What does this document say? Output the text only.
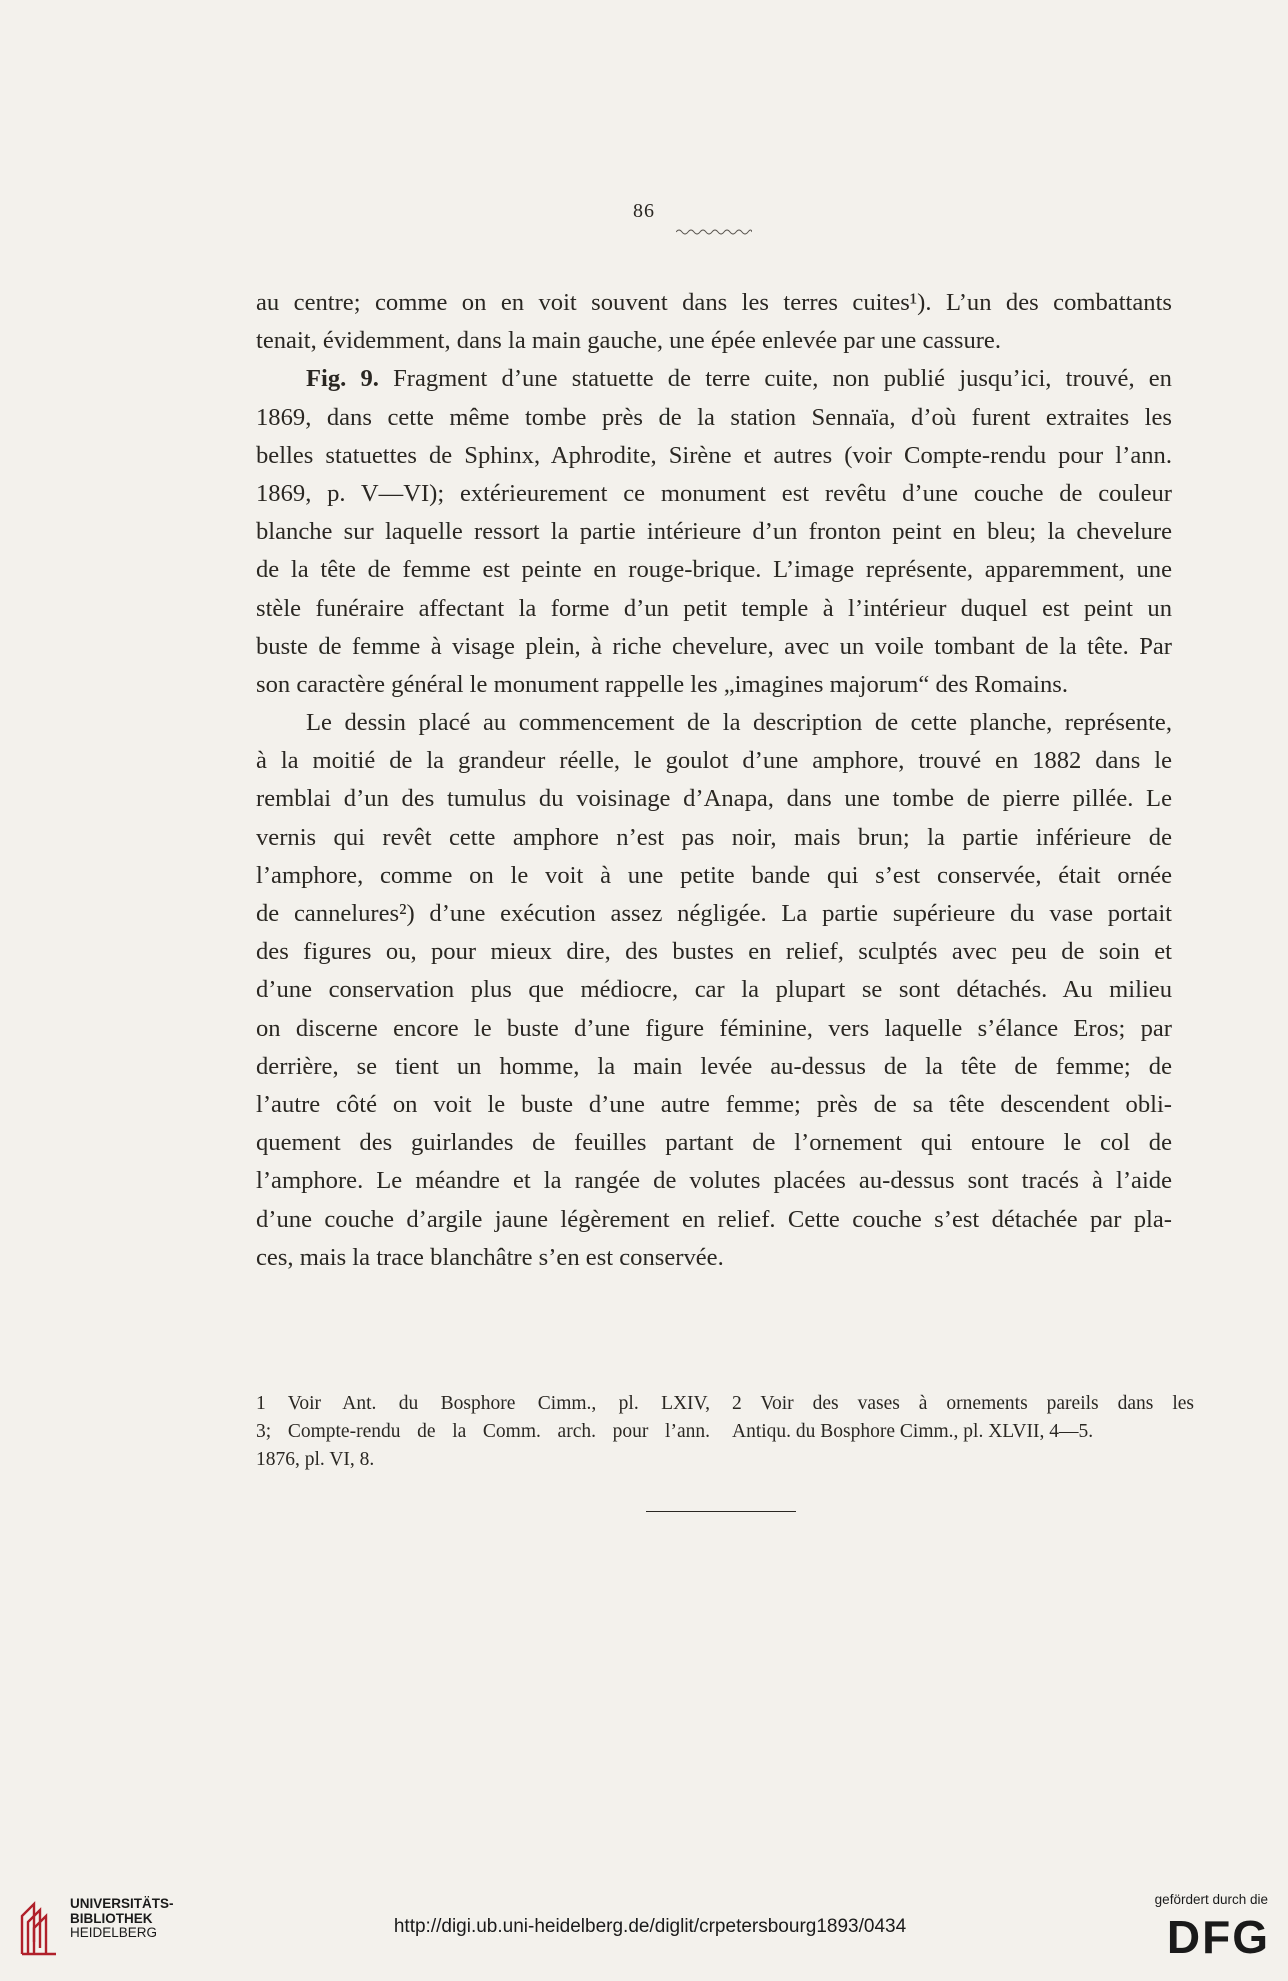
86
au centre; comme on en voit souvent dans les terres cuites¹). L’un des combattants
tenait, évidemment, dans la main gauche, une épée enlevée par une cassure.
Fig. 9. Fragment d’une statuette de terre cuite, non publié jusqu’ici, trouvé, en
1869, dans cette même tombe près de la station Sennaïa, d’où furent extraites les
belles statuettes de Sphinx, Aphrodite, Sirène et autres (voir Compte-rendu pour l’ann.
1869, p. V—VI); extérieurement ce monument est revêtu d’une couche de couleur
blanche sur laquelle ressort la partie intérieure d’un fronton peint en bleu; la chevelure
de la tête de femme est peinte en rouge-brique. L’image représente, apparemment, une
stèle funéraire affectant la forme d’un petit temple à l’intérieur duquel est peint un
buste de femme à visage plein, à riche chevelure, avec un voile tombant de la tête. Par
son caractère général le monument rappelle les „imagines majorum“ des Romains.
Le dessin placé au commencement de la description de cette planche, représente,
à la moitié de la grandeur réelle, le goulot d’une amphore, trouvé en 1882 dans le
remblai d’un des tumulus du voisinage d’Anapa, dans une tombe de pierre pillée. Le
vernis qui revêt cette amphore n’est pas noir, mais brun; la partie inférieure de
l’amphore, comme on le voit à une petite bande qui s’est conservée, était ornée
de cannelures²) d’une exécution assez négligée. La partie supérieure du vase portait
des figures ou, pour mieux dire, des bustes en relief, sculptés avec peu de soin et
d’une conservation plus que médiocre, car la plupart se sont détachés. Au milieu
on discerne encore le buste d’une figure féminine, vers laquelle s’élance Eros; par
derrière, se tient un homme, la main levée au-dessus de la tête de femme; de
l’autre côté on voit le buste d’une autre femme; près de sa tête descendent obli-
quement des guirlandes de feuilles partant de l’ornement qui entoure le col de
l’amphore. Le méandre et la rangée de volutes placées au-dessus sont tracés à l’aide
d’une couche d’argile jaune légèrement en relief. Cette couche s’est détachée par pla-
ces, mais la trace blanchâtre s’en est conservée.
1 Voir Ant. du Bosphore Cimm., pl. LXIV,
3; Compte-rendu de la Comm. arch. pour l’ann.
1876, pl. VI, 8.
2 Voir des vases à ornements pareils dans les
Antiqu. du Bosphore Cimm., pl. XLVII, 4—5.
UNIVERSITÄTS-
BIBLIOTHEK
HEIDELBERG	http://digi.ub.uni-heidelberg.de/diglit/crpetersbourg1893/0434
gefördert durch die
DFG
